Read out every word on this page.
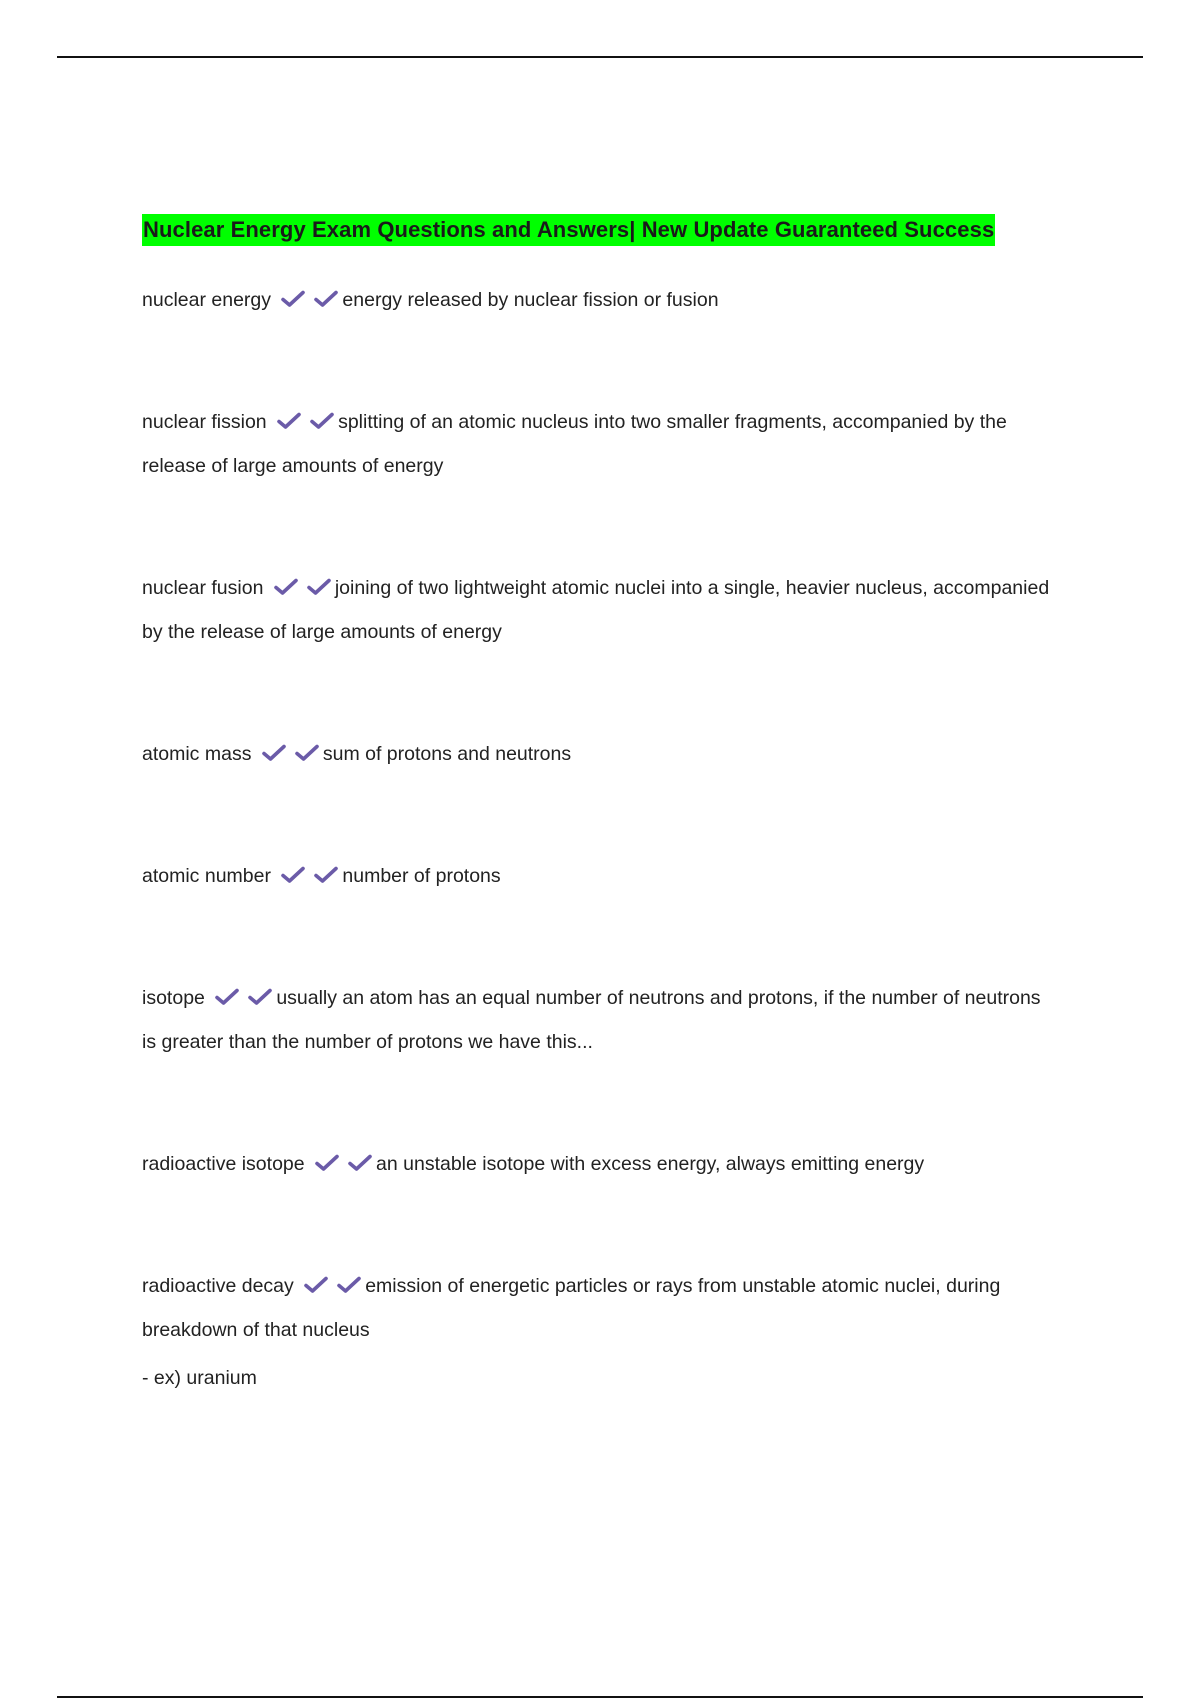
Nuclear Energy Exam Questions and Answers| New Update Guaranteed Success
nuclear energy	energy released by nuclear fission or fusion
nuclear fission	splitting of an atomic nucleus into two smaller fragments, accompanied by the release of large amounts of energy
nuclear fusion	joining of two lightweight atomic nuclei into a single, heavier nucleus, accompanied by the release of large amounts of energy
atomic mass	sum of protons and neutrons
atomic number	number of protons
isotope	usually an atom has an equal number of neutrons and protons, if the number of neutrons is greater than the number of protons we have this...
radioactive isotope	an unstable isotope with excess energy, always emitting energy
radioactive decay	emission of energetic particles or rays from unstable atomic nuclei, during breakdown of that nucleus
- ex) uranium
